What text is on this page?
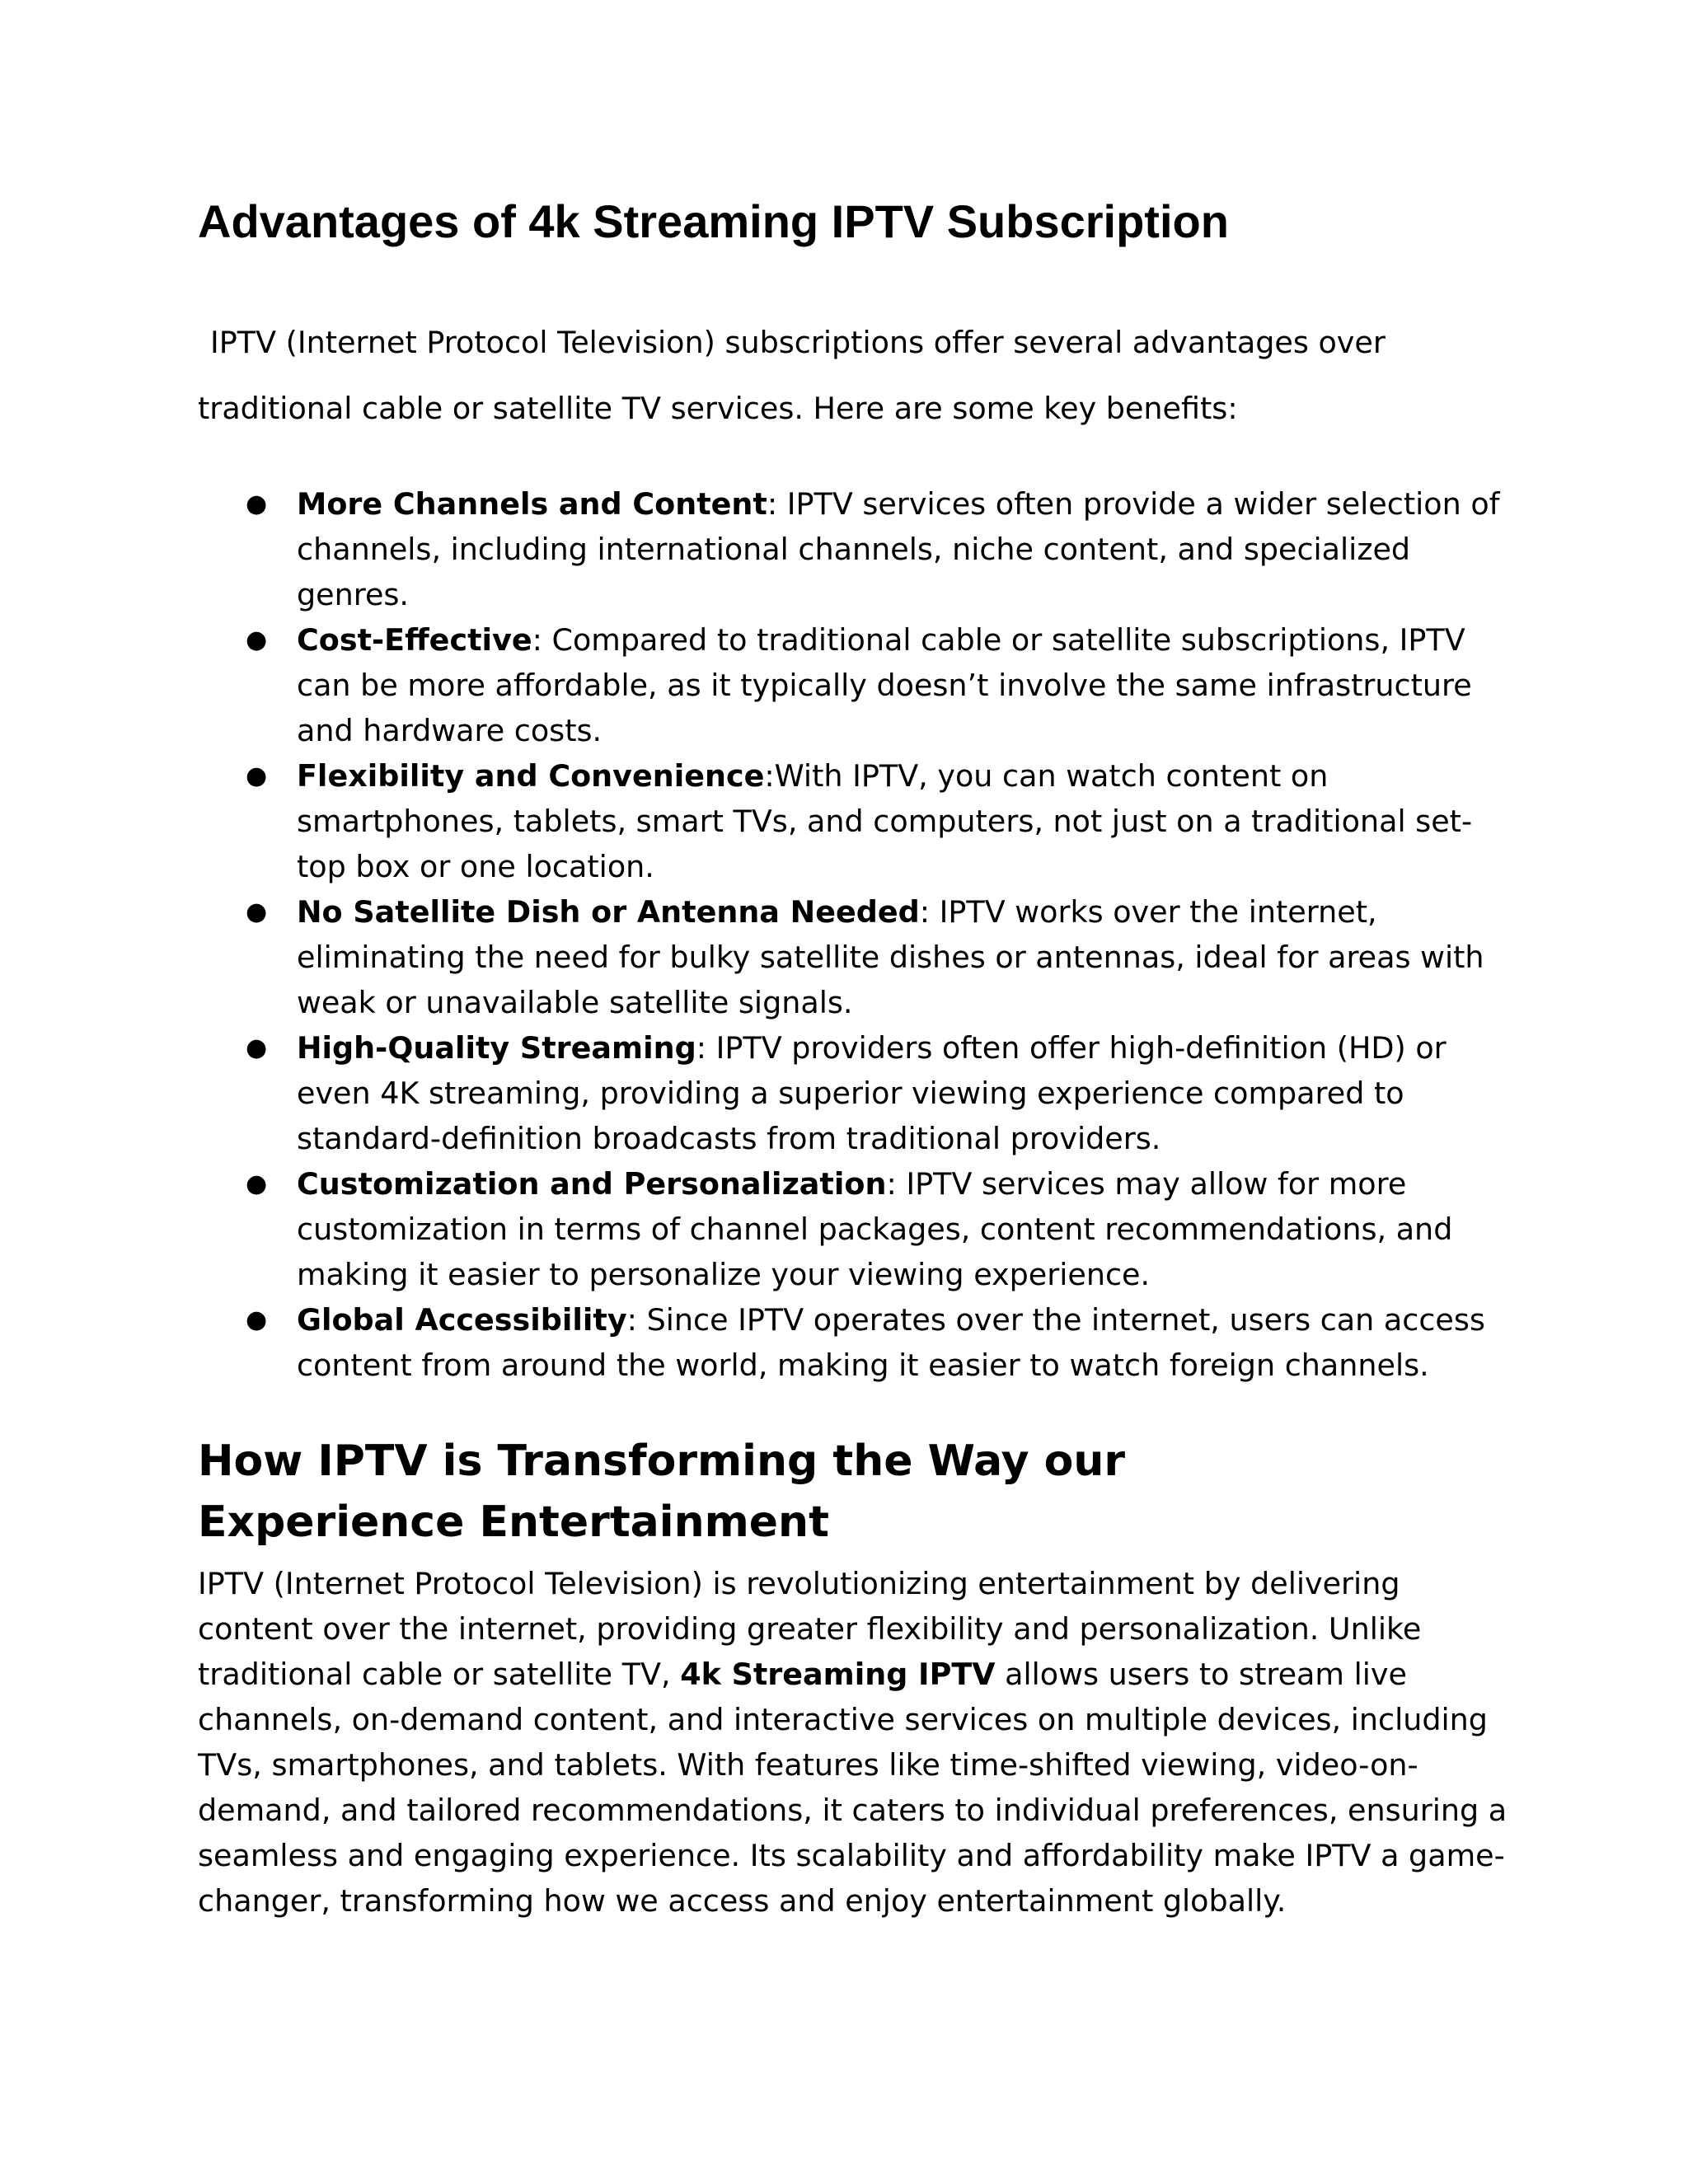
Advantages of 4k Streaming IPTV Subscription

IPTV (Internet Protocol Television) subscriptions offer several advantages over
traditional cable or satellite TV services. Here are some key benefits:

● More Channels and Content: IPTV services often provide a wider selection of channels, including international channels, niche content, and specialized genres.
● Cost-Effective: Compared to traditional cable or satellite subscriptions, IPTV can be more affordable, as it typically doesn’t involve the same infrastructure and hardware costs.
● Flexibility and Convenience:With IPTV, you can watch content on smartphones, tablets, smart TVs, and computers, not just on a traditional set-top box or one location.
● No Satellite Dish or Antenna Needed: IPTV works over the internet, eliminating the need for bulky satellite dishes or antennas, ideal for areas with weak or unavailable satellite signals.
● High-Quality Streaming: IPTV providers often offer high-definition (HD) or even 4K streaming, providing a superior viewing experience compared to standard-definition broadcasts from traditional providers.
● Customization and Personalization: IPTV services may allow for more customization in terms of channel packages, content recommendations, and making it easier to personalize your viewing experience.
● Global Accessibility: Since IPTV operates over the internet, users can access content from around the world, making it easier to watch foreign channels.
How IPTV is Transforming the Way our Experience Entertainment

IPTV (Internet Protocol Television) is revolutionizing entertainment by delivering content over the internet, providing greater flexibility and personalization. Unlike traditional cable or satellite TV, 4k Streaming IPTV allows users to stream live channels, on-demand content, and interactive services on multiple devices, including TVs, smartphones, and tablets. With features like time-shifted viewing, video-on-demand, and tailored recommendations, it caters to individual preferences, ensuring a seamless and engaging experience. Its scalability and affordability make IPTV a game-changer, transforming how we access and enjoy entertainment globally.
